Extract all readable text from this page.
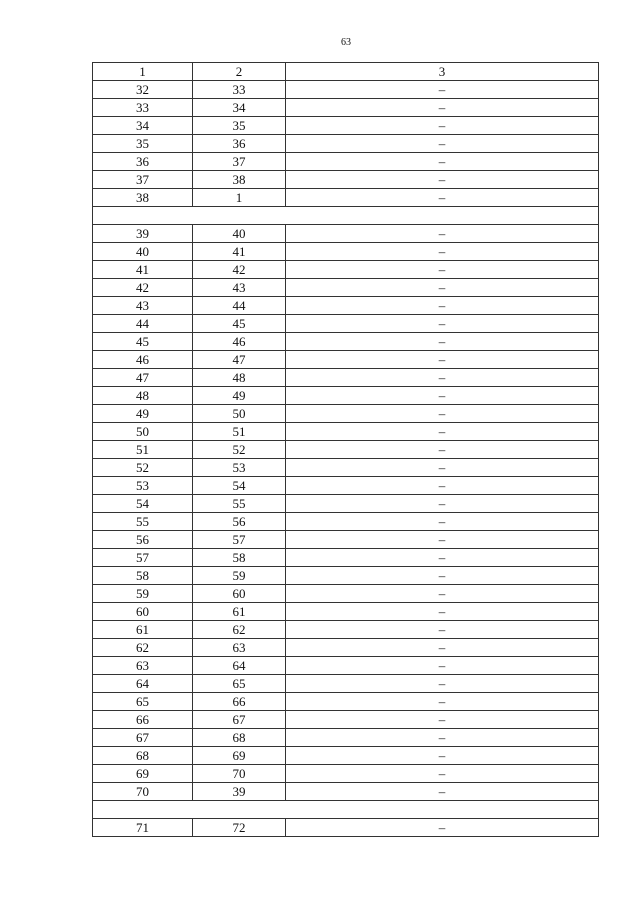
63
1	2	3
32	33	–
33	34	–
34	35	–
35	36	–
36	37	–
37	38	–
38	1	–

39	40	–
40	41	–
41	42	–
42	43	–
43	44	–
44	45	–
45	46	–
46	47	–
47	48	–
48	49	–
49	50	–
50	51	–
51	52	–
52	53	–
53	54	–
54	55	–
55	56	–
56	57	–
57	58	–
58	59	–
59	60	–
60	61	–
61	62	–
62	63	–
63	64	–
64	65	–
65	66	–
66	67	–
67	68	–
68	69	–
69	70	–
70	39	–

71	72	–
